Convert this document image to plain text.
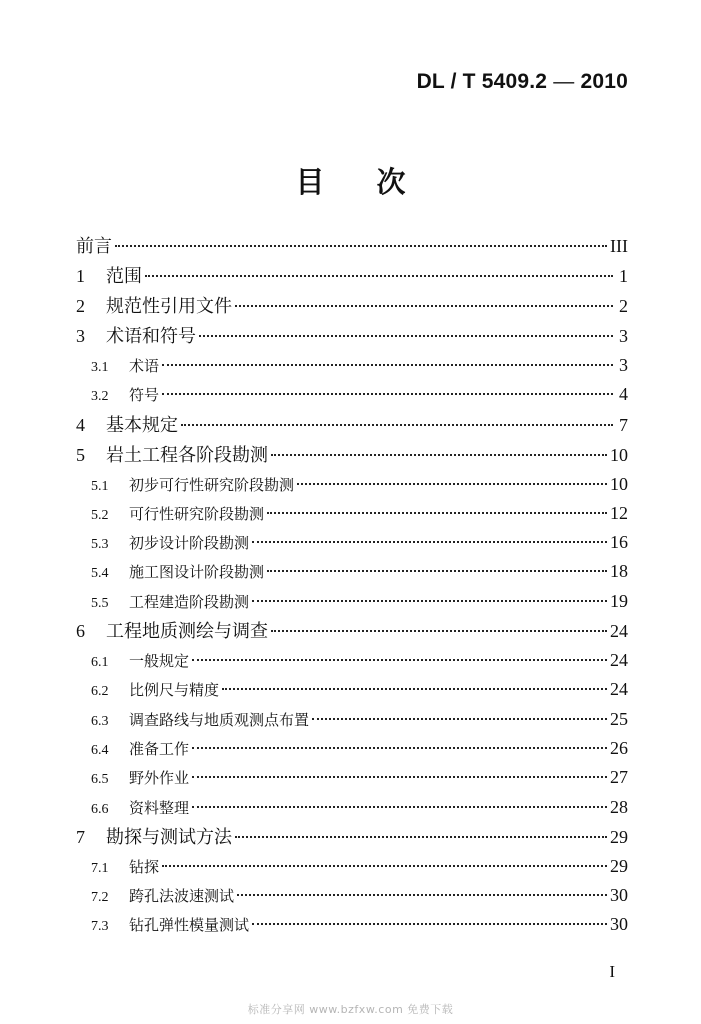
DL / T 5409.2 — 2010
目次
前言	III
1	范围	1
2	规范性引用文件	2
3	术语和符号	3
3.1	术语	3
3.2	符号	4
4	基本规定	7
5	岩土工程各阶段勘测	10
5.1	初步可行性研究阶段勘测	10
5.2	可行性研究阶段勘测	12
5.3	初步设计阶段勘测	16
5.4	施工图设计阶段勘测	18
5.5	工程建造阶段勘测	19
6	工程地质测绘与调查	24
6.1	一般规定	24
6.2	比例尺与精度	24
6.3	调查路线与地质观测点布置	25
6.4	准备工作	26
6.5	野外作业	27
6.6	资料整理	28
7	勘探与测试方法	29
7.1	钻探	29
7.2	跨孔法波速测试	30
7.3	钻孔弹性模量测试	30
I
标准分享网 www.bzfxw.com 免费下载
